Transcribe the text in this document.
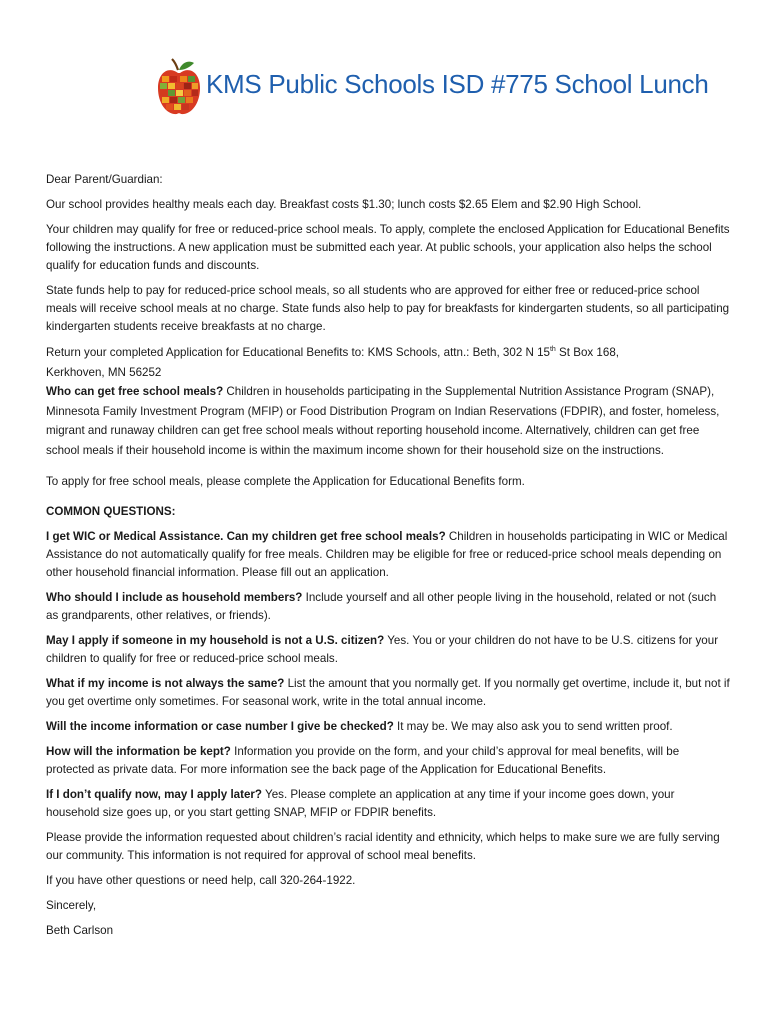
KMS Public Schools ISD #775 School Lunch

Dear Parent/Guardian:

Our school provides healthy meals each day. Breakfast costs $1.30; lunch costs $2.65 Elem and $2.90 High School.

Your children may qualify for free or reduced-price school meals. To apply, complete the enclosed Application for Educational Benefits following the instructions. A new application must be submitted each year. At public schools, your application also helps the school qualify for education funds and discounts.

State funds help to pay for reduced-price school meals, so all students who are approved for either free or reduced-price school meals will receive school meals at no charge. State funds also help to pay for breakfasts for kindergarten students, so all participating kindergarten students receive breakfasts at no charge.

Return your completed Application for Educational Benefits to: KMS Schools, attn.: Beth, 302 N 15th St Box 168,
Kerkhoven, MN 56252

Who can get free school meals? Children in households participating in the Supplemental Nutrition Assistance Program (SNAP), Minnesota Family Investment Program (MFIP) or Food Distribution Program on Indian Reservations (FDPIR), and foster, homeless, migrant and runaway children can get free school meals without reporting household income. Alternatively, children can get free school meals if their household income is within the maximum income shown for their household size on the instructions.

To apply for free school meals, please complete the Application for Educational Benefits form.

COMMON QUESTIONS:

I get WIC or Medical Assistance. Can my children get free school meals? Children in households participating in WIC or Medical Assistance do not automatically qualify for free meals. Children may be eligible for free or reduced-price school meals depending on other household financial information. Please fill out an application.

Who should I include as household members? Include yourself and all other people living in the household, related or not (such as grandparents, other relatives, or friends).

May I apply if someone in my household is not a U.S. citizen? Yes. You or your children do not have to be U.S. citizens for your children to qualify for free or reduced-price school meals.

What if my income is not always the same? List the amount that you normally get. If you normally get overtime, include it, but not if you get overtime only sometimes. For seasonal work, write in the total annual income.

Will the income information or case number I give be checked? It may be. We may also ask you to send written proof.

How will the information be kept? Information you provide on the form, and your child’s approval for meal benefits, will be protected as private data. For more information see the back page of the Application for Educational Benefits.

If I don’t qualify now, may I apply later? Yes. Please complete an application at any time if your income goes down, your household size goes up, or you start getting SNAP, MFIP or FDPIR benefits.

Please provide the information requested about children’s racial identity and ethnicity, which helps to make sure we are fully serving our community. This information is not required for approval of school meal benefits.

If you have other questions or need help, call 320-264-1922.

Sincerely,

Beth Carlson
